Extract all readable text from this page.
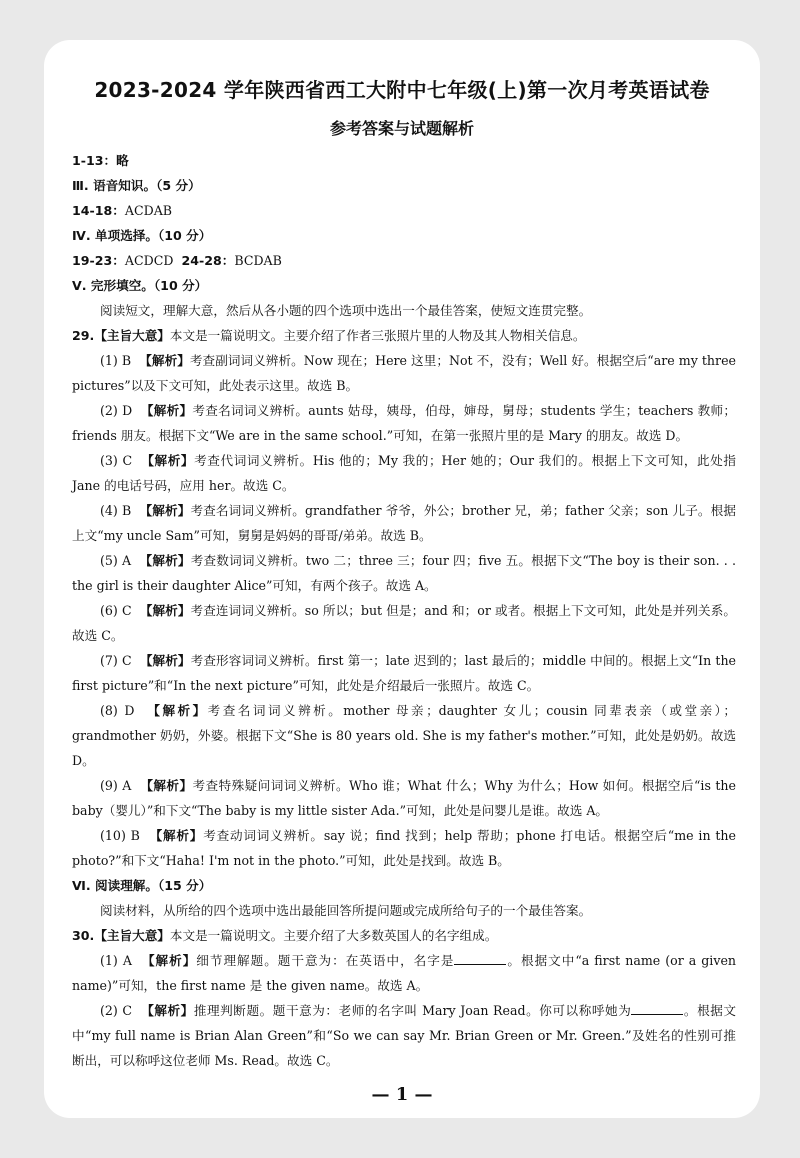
2023-2024 学年陕西省西工大附中七年级(上)第一次月考英语试卷
参考答案与试题解析
1-13：略
Ⅲ. 语音知识。（5 分）
14-18：ACDAB
Ⅳ. 单项选择。（10 分）
19-23：ACDCD 24-28：BCDAB
Ⅴ. 完形填空。（10 分）
阅读短文，理解大意，然后从各小题的四个选项中选出一个最佳答案，使短文连贯完整。
29.【主旨大意】本文是一篇说明文。主要介绍了作者三张照片里的人物及其人物相关信息。
(1) B 【解析】考查副词词义辨析。Now 现在；Here 这里；Not 不，没有；Well 好。根据空后“are my three pictures”以及下文可知，此处表示这里。故选 B。
(2) D 【解析】考查名词词义辨析。aunts 姑母，姨母，伯母，婶母，舅母；students 学生；teachers 教师；friends 朋友。根据下文“We are in the same school.”可知，在第一张照片里的是 Mary 的朋友。故选 D。
(3) C 【解析】考查代词词义辨析。His 他的；My 我的；Her 她的；Our 我们的。根据上下文可知，此处指 Jane 的电话号码，应用 her。故选 C。
(4) B 【解析】考查名词词义辨析。grandfather 爷爷，外公；brother 兄，弟；father 父亲；son 儿子。根据上文“my uncle Sam”可知，舅舅是妈妈的哥哥/弟弟。故选 B。
(5) A 【解析】考查数词词义辨析。two 二；three 三；four 四；five 五。根据下文“The boy is their son. . . the girl is their daughter Alice”可知，有两个孩子。故选 A。
(6) C 【解析】考查连词词义辨析。so 所以；but 但是；and 和；or 或者。根据上下文可知，此处是并列关系。故选 C。
(7) C 【解析】考查形容词词义辨析。first 第一；late 迟到的；last 最后的；middle 中间的。根据上文“In the first picture”和“In the next picture”可知，此处是介绍最后一张照片。故选 C。
(8) D 【解析】考查名词词义辨析。mother 母亲；daughter 女儿；cousin 同辈表亲（或堂亲）；grandmother 奶奶，外婆。根据下文“She is 80 years old. She is my father's mother.”可知，此处是奶奶。故选 D。
(9) A 【解析】考查特殊疑问词词义辨析。Who 谁；What 什么；Why 为什么；How 如何。根据空后“is the baby（婴儿）”和下文“The baby is my little sister Ada.”可知，此处是问婴儿是谁。故选 A。
(10) B 【解析】考查动词词义辨析。say 说；find 找到；help 帮助；phone 打电话。根据空后“me in the photo?”和下文“Haha! I'm not in the photo.”可知，此处是找到。故选 B。
Ⅵ. 阅读理解。（15 分）
阅读材料，从所给的四个选项中选出最能回答所提问题或完成所给句子的一个最佳答案。
30.【主旨大意】本文是一篇说明文。主要介绍了大多数英国人的名字组成。
(1) A 【解析】细节理解题。题干意为：在英语中，名字是	。根据文中“a first name (or a given name)”可知，the first name 是 the given name。故选 A。
(2) C 【解析】推理判断题。题干意为：老师的名字叫 Mary Joan Read。你可以称呼她为	。根据文中“my full name is Brian Alan Green”和“So we can say Mr. Brian Green or Mr. Green.”及姓名的性别可推断出，可以称呼这位老师 Ms. Read。故选 C。
— 1 —
